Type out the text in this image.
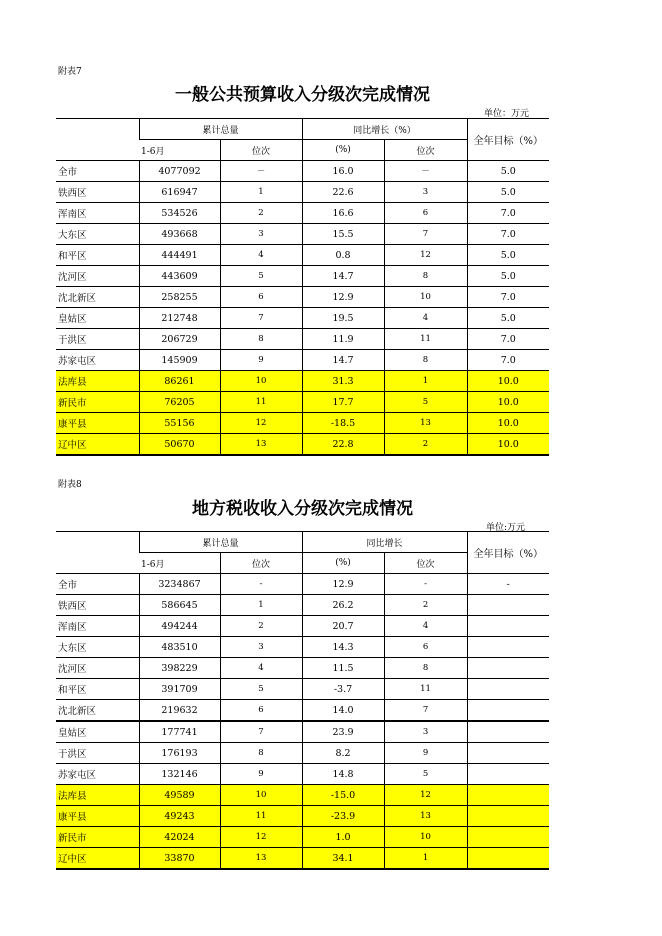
附表7
一般公共预算收入分级次完成情况
单位：万元
	累计总量		同比增长（%）		全年目标（%）
	1-6月	位次	(%)	位次	
全市	4077092	－	16.0	－	5.0
铁西区	616947	1	22.6	3	5.0
浑南区	534526	2	16.6	6	7.0
大东区	493668	3	15.5	7	7.0
和平区	444491	4	0.8	12	5.0
沈河区	443609	5	14.7	8	5.0
沈北新区	258255	6	12.9	10	7.0
皇姑区	212748	7	19.5	4	5.0
于洪区	206729	8	11.9	11	7.0
苏家屯区	145909	9	14.7	8	7.0
法库县	86261	10	31.3	1	10.0
新民市	76205	11	17.7	5	10.0
康平县	55156	12	-18.5	13	10.0
辽中区	50670	13	22.8	2	10.0
附表8
地方税收收入分级次完成情况
单位:万元
	累计总量		同比增长		全年目标（%）
	1-6月	位次	(%)	位次	
全市	3234867	-	12.9	-	-
铁西区	586645	1	26.2	2	
浑南区	494244	2	20.7	4	
大东区	483510	3	14.3	6	
沈河区	398229	4	11.5	8	
和平区	391709	5	-3.7	11	
沈北新区	219632	6	14.0	7	
皇姑区	177741	7	23.9	3	
于洪区	176193	8	8.2	9	
苏家屯区	132146	9	14.8	5	
法库县	49589	10	-15.0	12	
康平县	49243	11	-23.9	13	
新民市	42024	12	1.0	10	
辽中区	33870	13	34.1	1	
